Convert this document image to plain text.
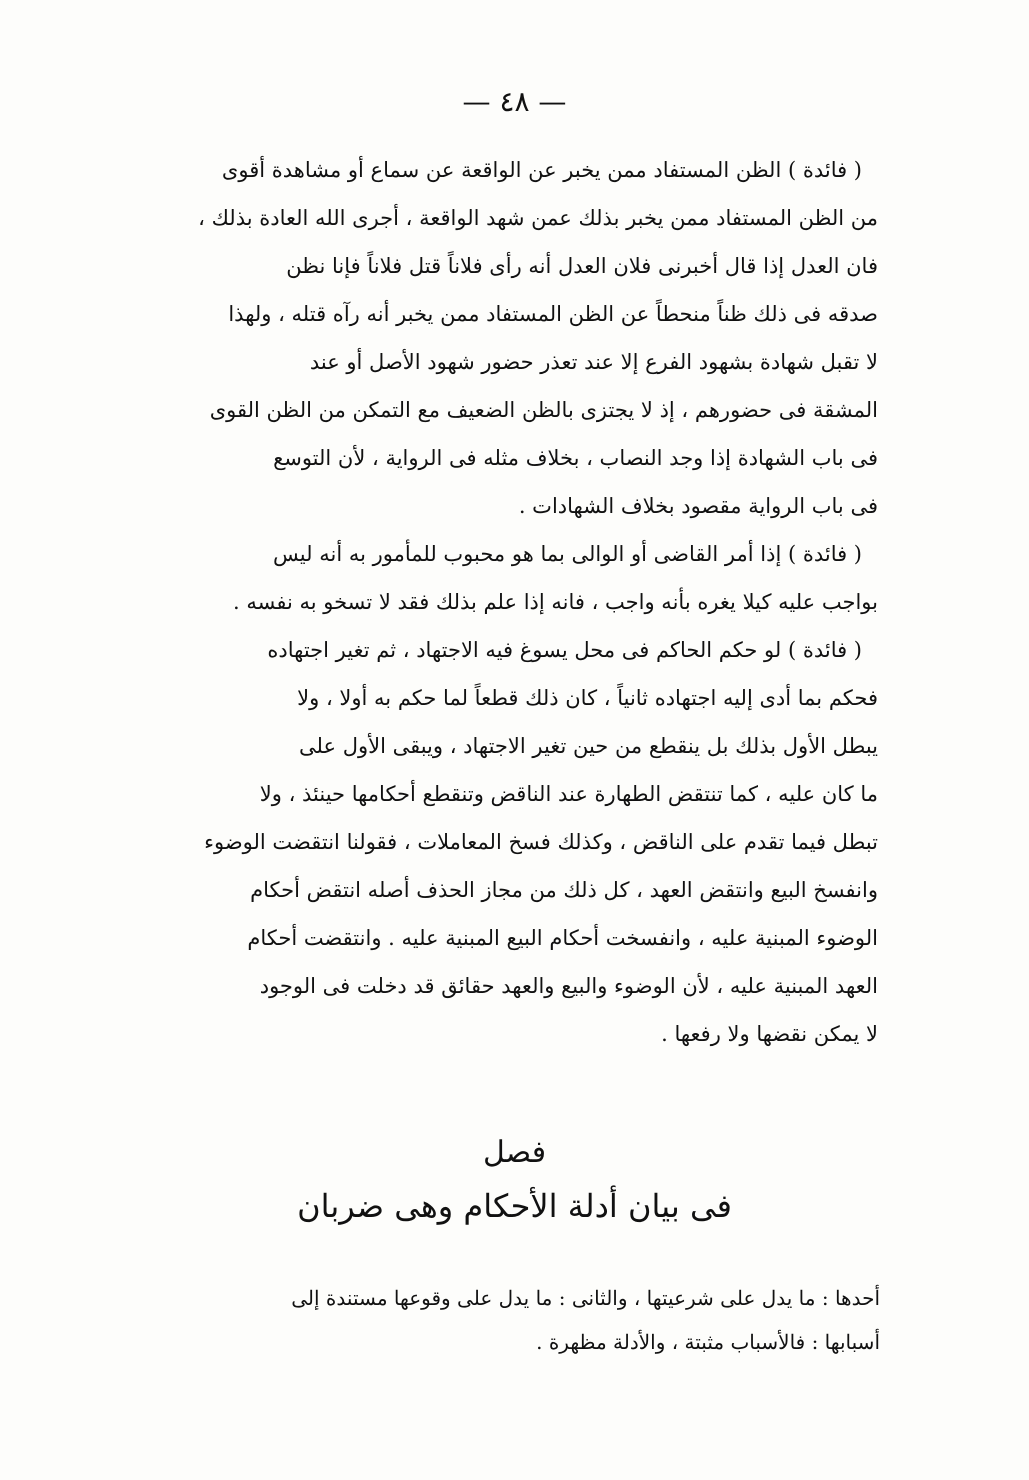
— ٤٨ —
( فائدة ) الظن المستفاد ممن يخبر عن الواقعة عن سماع أو مشاهدة أقوى
من الظن المستفاد ممن يخبر بذلك عمن شهد الواقعة ، أجرى الله العادة بذلك ،
فان العدل إذا قال أخبرنى فلان العدل أنه رأى فلاناً قتل فلاناً فإنا نظن
صدقه فى ذلك ظناً منحطاً عن الظن المستفاد ممن يخبر أنه رآه قتله ، ولهذا
لا تقبل شهادة بشهود الفرع إلا عند تعذر حضور شهود الأصل أو عند
المشقة فى حضورهم ، إذ لا يجتزى بالظن الضعيف مع التمكن من الظن القوى
فى باب الشهادة إذا وجد النصاب ، بخلاف مثله فى الرواية ، لأن التوسع
فى باب الرواية مقصود بخلاف الشهادات .
( فائدة ) إذا أمر القاضى أو الوالى بما هو محبوب للمأمور به أنه ليس
بواجب عليه كيلا يغره بأنه واجب ، فانه إذا علم بذلك فقد لا تسخو به نفسه .
( فائدة ) لو حكم الحاكم فى محل يسوغ فيه الاجتهاد ، ثم تغير اجتهاده
فحكم بما أدى إليه اجتهاده ثانياً ، كان ذلك قطعاً لما حكم به أولا ، ولا
يبطل الأول بذلك بل ينقطع من حين تغير الاجتهاد ، ويبقى الأول على
ما كان عليه ، كما تنتقض الطهارة عند الناقض وتنقطع أحكامها حينئذ ، ولا
تبطل فيما تقدم على الناقض ، وكذلك فسخ المعاملات ، فقولنا انتقضت الوضوء
وانفسخ البيع وانتقض العهد ، كل ذلك من مجاز الحذف أصله انتقض أحكام
الوضوء المبنية عليه ، وانفسخت أحكام البيع المبنية عليه . وانتقضت أحكام
العهد المبنية عليه ، لأن الوضوء والبيع والعهد حقائق قد دخلت فى الوجود
لا يمكن نقضها ولا رفعها .
فصل
فى بيان أدلة الأحكام وهى ضربان
أحدها : ما يدل على شرعيتها ، والثانى : ما يدل على وقوعها مستندة إلى
أسبابها : فالأسباب مثبتة ، والأدلة مظهرة .
